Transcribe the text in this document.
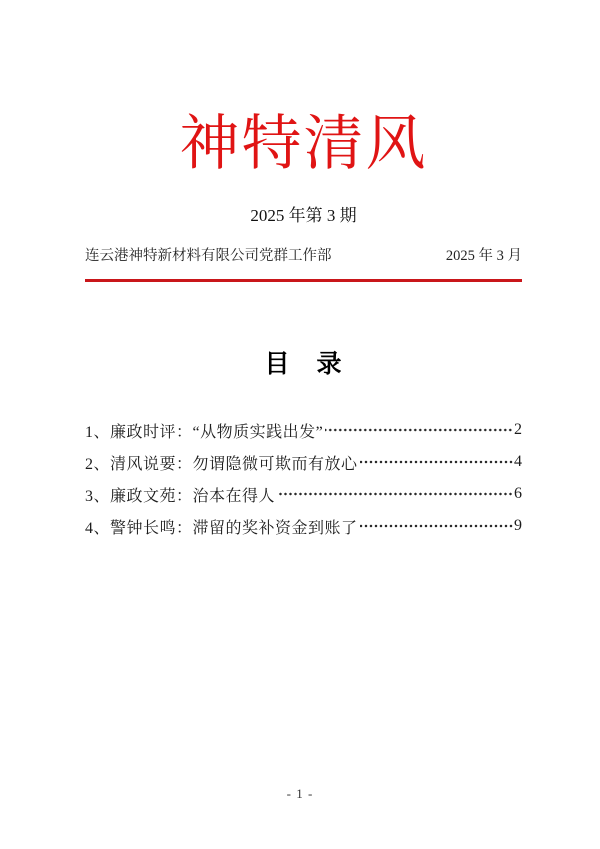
神特清风
2025 年第 3 期
连云港神特新材料有限公司党群工作部	2025 年 3 月
目　录
1、廉政时评：“从物质实践出发”	2
2、清风说要：勿谓隐微可欺而有放心	4
3、廉政文苑：治本在得人	6
4、警钟长鸣：滞留的奖补资金到账了	9
- 1 -
